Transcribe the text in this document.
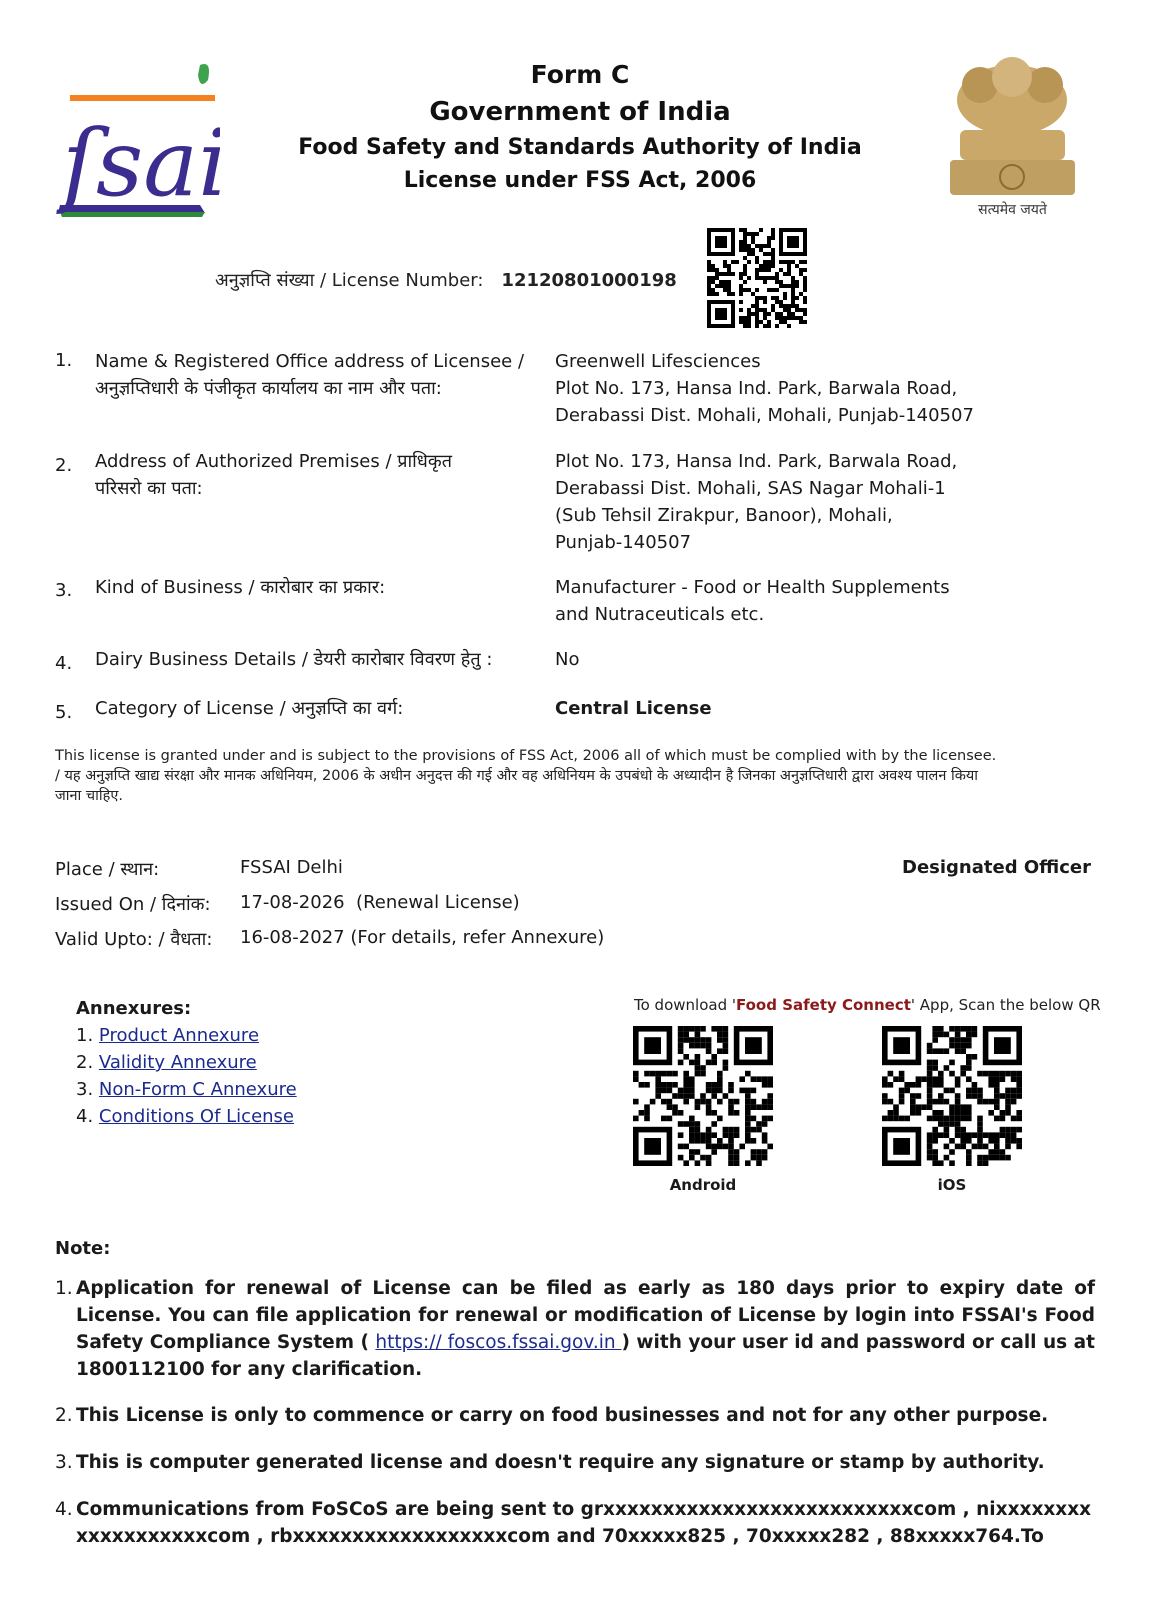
ſsai
Form C
Government of India
Food Safety and Standards Authority of India
License under FSS Act, 2006
सत्यमेव जयते
अनुज्ञप्ति संख्या / License Number: 12120801000198
1. Name & Registered Office address of Licensee / अनुज्ञप्तिधारी के पंजीकृत कार्यालय का नाम और पता:
Greenwell Lifesciences
Plot No. 173, Hansa Ind. Park, Barwala Road,
Derabassi Dist. Mohali, Mohali, Punjab-140507
2. Address of Authorized Premises / प्राधिकृत परिसरो का पता:
Plot No. 173, Hansa Ind. Park, Barwala Road,
Derabassi Dist. Mohali, SAS Nagar Mohali-1
(Sub Tehsil Zirakpur, Banoor), Mohali,
Punjab-140507
3. Kind of Business / कारोबार का प्रकार:	Manufacturer - Food or Health Supplements
and Nutraceuticals etc.
4. Dairy Business Details / डेयरी कारोबार विवरण हेतु :	No
5. Category of License / अनुज्ञप्ति का वर्ग:	Central License
This license is granted under and is subject to the provisions of FSS Act, 2006 all of which must be complied with by the licensee. / यह अनुज्ञप्ति खाद्य संरक्षा और मानक अधिनियम, 2006 के अधीन अनुदत्त की गई और वह अधिनियम के उपबंधो के अध्यादीन है जिनका अनुज्ञप्तिधारी द्वारा अवश्य पालन किया जाना चाहिए.
Place / स्थान:	FSSAI Delhi
Issued On / दिनांक: 17-08-2026  (Renewal License)
Valid Upto: / वैधता: 16-08-2027 (For details, refer Annexure)
Designated Officer
Annexures:
1. Product Annexure
2. Validity Annexure
3. Non-Form C Annexure
4. Conditions Of License
To download 'Food Safety Connect' App, Scan the below QR
Android	iOS
Note:
1. Application for renewal of License can be filed as early as 180 days prior to expiry date of License. You can file application for renewal or modification of License by login into FSSAI's Food Safety Compliance System ( https:// foscos.fssai.gov.in ) with your user id and password or call us at 1800112100 for any clarification.
2. This License is only to commence or carry on food businesses and not for any other purpose.
3. This is computer generated license and doesn't require any signature or stamp by authority.
4. Communications from FoSCoS are being sent to grxxxxxxxxxxxxxxxxxxxxxxxxxxcom , nixxxxxxxxxxxxxxxxxxxcom , rbxxxxxxxxxxxxxxxxxxcom and 70xxxxx825 , 70xxxxx282 , 88xxxxx764.To
